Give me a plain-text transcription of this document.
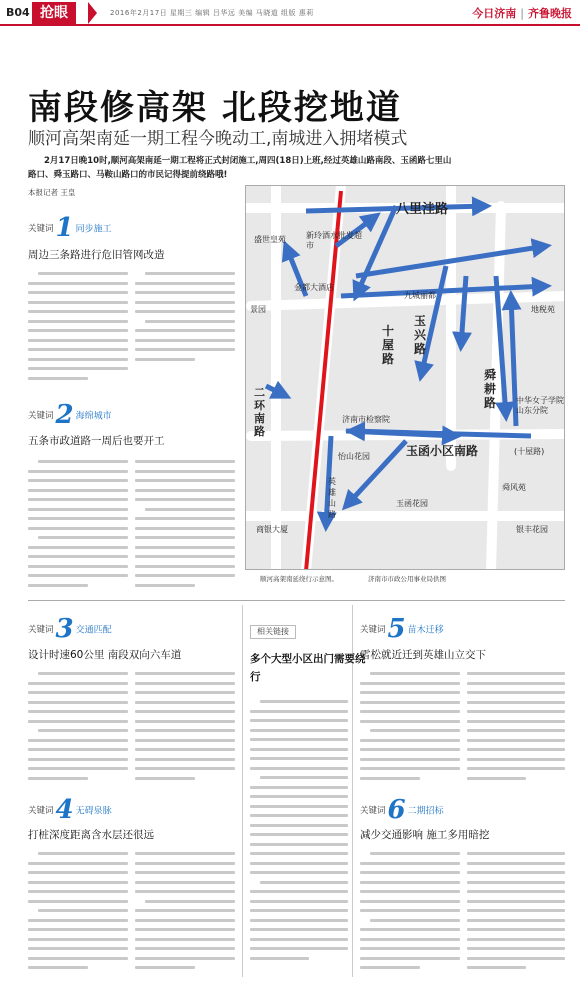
B04 抢眼	2016年2月17日 星期三 编辑 吕华远 美编 马晓道 组版 惠莉	今日济南 | 齐鲁晚报
南段修高架 北段挖地道
顺河高架南延一期工程今晚动工,南城进入拥堵模式
2月17日晚10时,顺河高架南延一期工程将正式封闭施工,周四(18日)上班,经过英雄山路南段、玉函路七里山路口、舜玉路口、马鞍山路口的市民记得提前绕路哦!
本报记者 王皇
关键词1 同步施工
周边三条路进行危旧管网改造
关键词2 海绵城市
五条市政道路一周后也要开工
八里洼路
盛世皇苑	新玲酒水批发超市
金都大酒店
景园
九城丽都
地税苑
玉兴路
十屋路
舜耕路
二环南路
济南市检察院
玉函小区南路
中华女子学院山东分院
(十屋路)
怡山花园
英雄山路
舜风苑
玉函花园
商银大厦	银丰花园
顺河高架南延绕行示意图。	济南市市政公用事业局供图
关键词3 交通匹配
设计时速60公里 南段双向六车道
关键词4 无碍泉脉
打桩深度距离含水层还很远
相关链接
多个大型小区出门需要绕行
关键词5 苗木迁移
雪松就近迁到英雄山立交下
关键词6 二期招标
减少交通影响 施工多用暗挖
